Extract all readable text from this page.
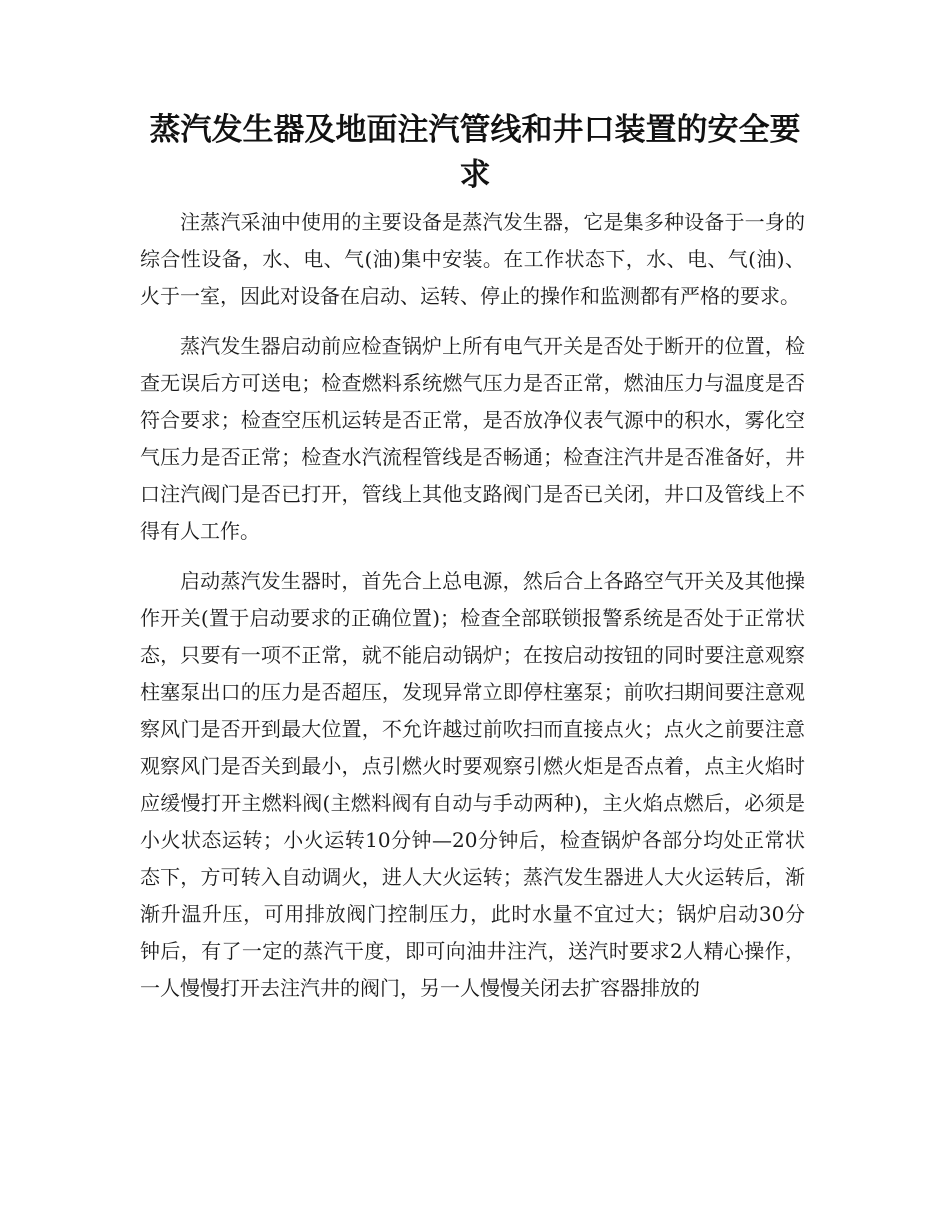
蒸汽发生器及地面注汽管线和井口装置的安全要求

注蒸汽采油中使用的主要设备是蒸汽发生器，它是集多种设备于一身的综合性设备，水、电、气(油)集中安装。在工作状态下，水、电、气(油)、火于一室，因此对设备在启动、运转、停止的操作和监测都有严格的要求。

蒸汽发生器启动前应检查锅炉上所有电气开关是否处于断开的位置，检查无误后方可送电；检查燃料系统燃气压力是否正常，燃油压力与温度是否符合要求；检查空压机运转是否正常，是否放净仪表气源中的积水，雾化空气压力是否正常；检查水汽流程管线是否畅通；检查注汽井是否准备好，井口注汽阀门是否已打开，管线上其他支路阀门是否已关闭，井口及管线上不得有人工作。

启动蒸汽发生器时，首先合上总电源，然后合上各路空气开关及其他操作开关(置于启动要求的正确位置)；检查全部联锁报警系统是否处于正常状态，只要有一项不正常，就不能启动锅炉；在按启动按钮的同时要注意观察柱塞泵出口的压力是否超压，发现异常立即停柱塞泵；前吹扫期间要注意观察风门是否开到最大位置，不允许越过前吹扫而直接点火；点火之前要注意观察风门是否关到最小，点引燃火时要观察引燃火炬是否点着，点主火焰时应缓慢打开主燃料阀(主燃料阀有自动与手动两种)，主火焰点燃后，必须是小火状态运转；小火运转10分钟—20分钟后，检查锅炉各部分均处正常状态下，方可转入自动调火，进人大火运转；蒸汽发生器进人大火运转后，渐渐升温升压，可用排放阀门控制压力，此时水量不宜过大；锅炉启动30分钟后，有了一定的蒸汽干度，即可向油井注汽，送汽时要求2人精心操作，一人慢慢打开去注汽井的阀门，另一人慢慢关闭去扩容器排放的
